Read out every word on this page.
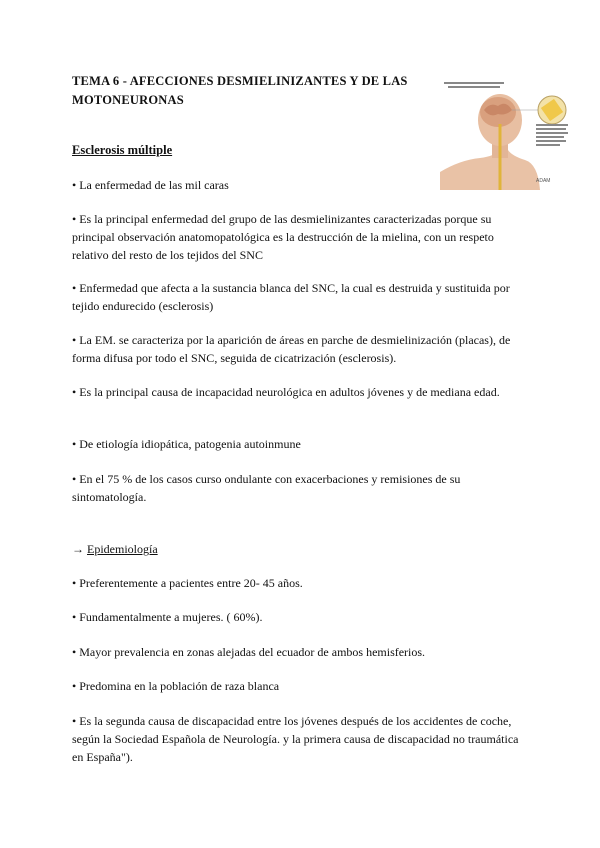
TEMA 6 - AFECCIONES DESMIELINIZANTES Y DE LAS MOTONEURONAS
ADAM
Esclerosis múltiple
• La enfermedad de las mil caras
• Es la principal enfermedad del grupo de las desmielinizantes caracterizadas porque su principal observación anatomopatológica es la destrucción de la mielina, con un respeto relativo del resto de los tejidos del SNC
• Enfermedad que afecta a la sustancia blanca del SNC, la cual es destruida y sustituida por tejido endurecido (esclerosis)
• La EM. se caracteriza por la aparición de áreas en parche de desmielinización (placas), de forma difusa por todo el SNC, seguida de cicatrización (esclerosis).
• Es la principal causa de incapacidad neurológica en adultos jóvenes y de mediana edad.
• De etiología idiopática, patogenia autoinmune
• En el 75 % de los casos curso ondulante con exacerbaciones y remisiones de su sintomatología.
→ Epidemiología
• Preferentemente a pacientes entre 20- 45 años.
• Fundamentalmente a mujeres. ( 60%).
• Mayor prevalencia en zonas alejadas del ecuador de ambos hemisferios.
• Predomina en la población de raza blanca
• Es la segunda causa de discapacidad entre los jóvenes después de los accidentes de coche, según la Sociedad Española de Neurología. y la primera causa de discapacidad no traumática en España").
